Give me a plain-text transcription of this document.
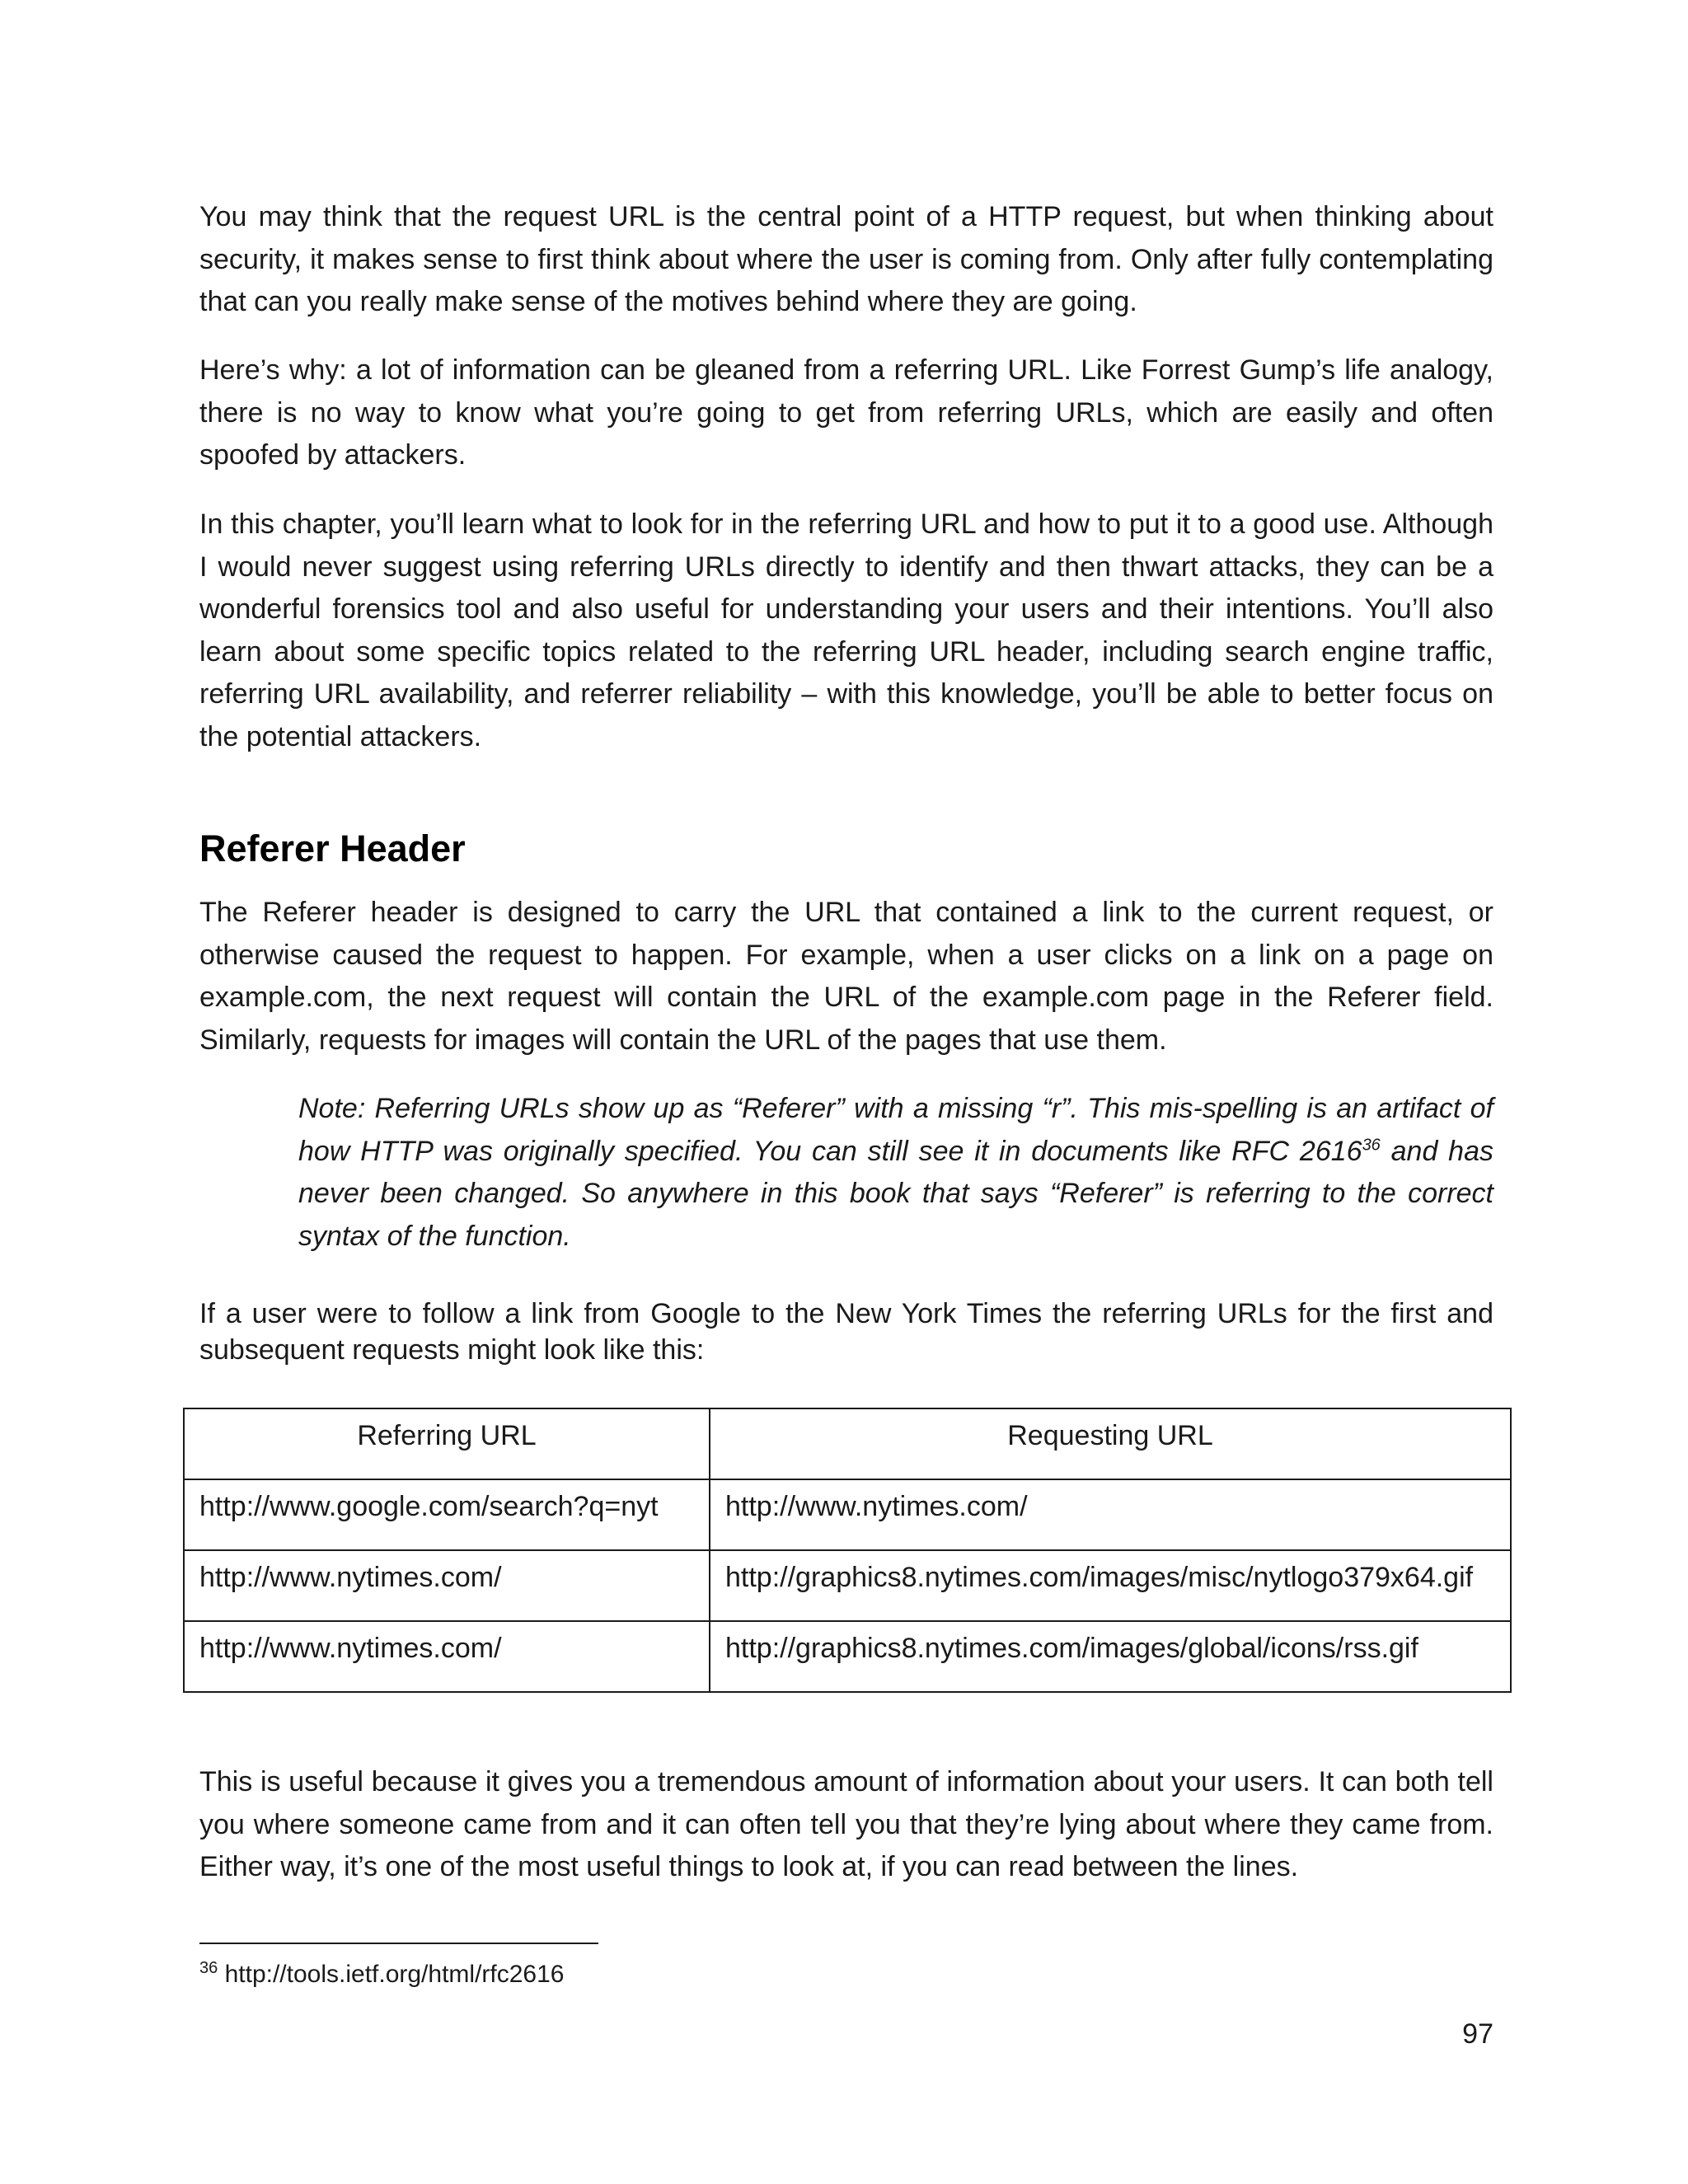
You may think that the request URL is the central point of a HTTP request, but when thinking about security, it makes sense to first think about where the user is coming from. Only after fully contemplating that can you really make sense of the motives behind where they are going.

Here’s why: a lot of information can be gleaned from a referring URL. Like Forrest Gump’s life analogy, there is no way to know what you’re going to get from referring URLs, which are easily and often spoofed by attackers.

In this chapter, you’ll learn what to look for in the referring URL and how to put it to a good use. Although I would never suggest using referring URLs directly to identify and then thwart attacks, they can be a wonderful forensics tool and also useful for understanding your users and their intentions. You’ll also learn about some specific topics related to the referring URL header, including search engine traffic, referring URL availability, and referrer reliability – with this knowledge, you’ll be able to better focus on the potential attackers.

Referer Header

The Referer header is designed to carry the URL that contained a link to the current request, or otherwise caused the request to happen. For example, when a user clicks on a link on a page on example.com, the next request will contain the URL of the example.com page in the Referer field. Similarly, requests for images will contain the URL of the pages that use them.

Note: Referring URLs show up as “Referer” with a missing “r”. This mis-spelling is an artifact of how HTTP was originally specified. You can still see it in documents like RFC 2616$^{36}$ and has never been changed. So anywhere in this book that says “Referer” is referring to the correct syntax of the function.

If a user were to follow a link from Google to the New York Times the referring URLs for the first and subsequent requests might look like this:

Referring URL	Requesting URL
http://www.google.com/search?q=nyt	http://www.nytimes.com/
http://www.nytimes.com/	http://graphics8.nytimes.com/images/misc/nytlogo379x64.gif
http://www.nytimes.com/	http://graphics8.nytimes.com/images/global/icons/rss.gif

This is useful because it gives you a tremendous amount of information about your users. It can both tell you where someone came from and it can often tell you that they’re lying about where they came from. Either way, it’s one of the most useful things to look at, if you can read between the lines.

$^{36}$ http://tools.ietf.org/html/rfc2616

97
